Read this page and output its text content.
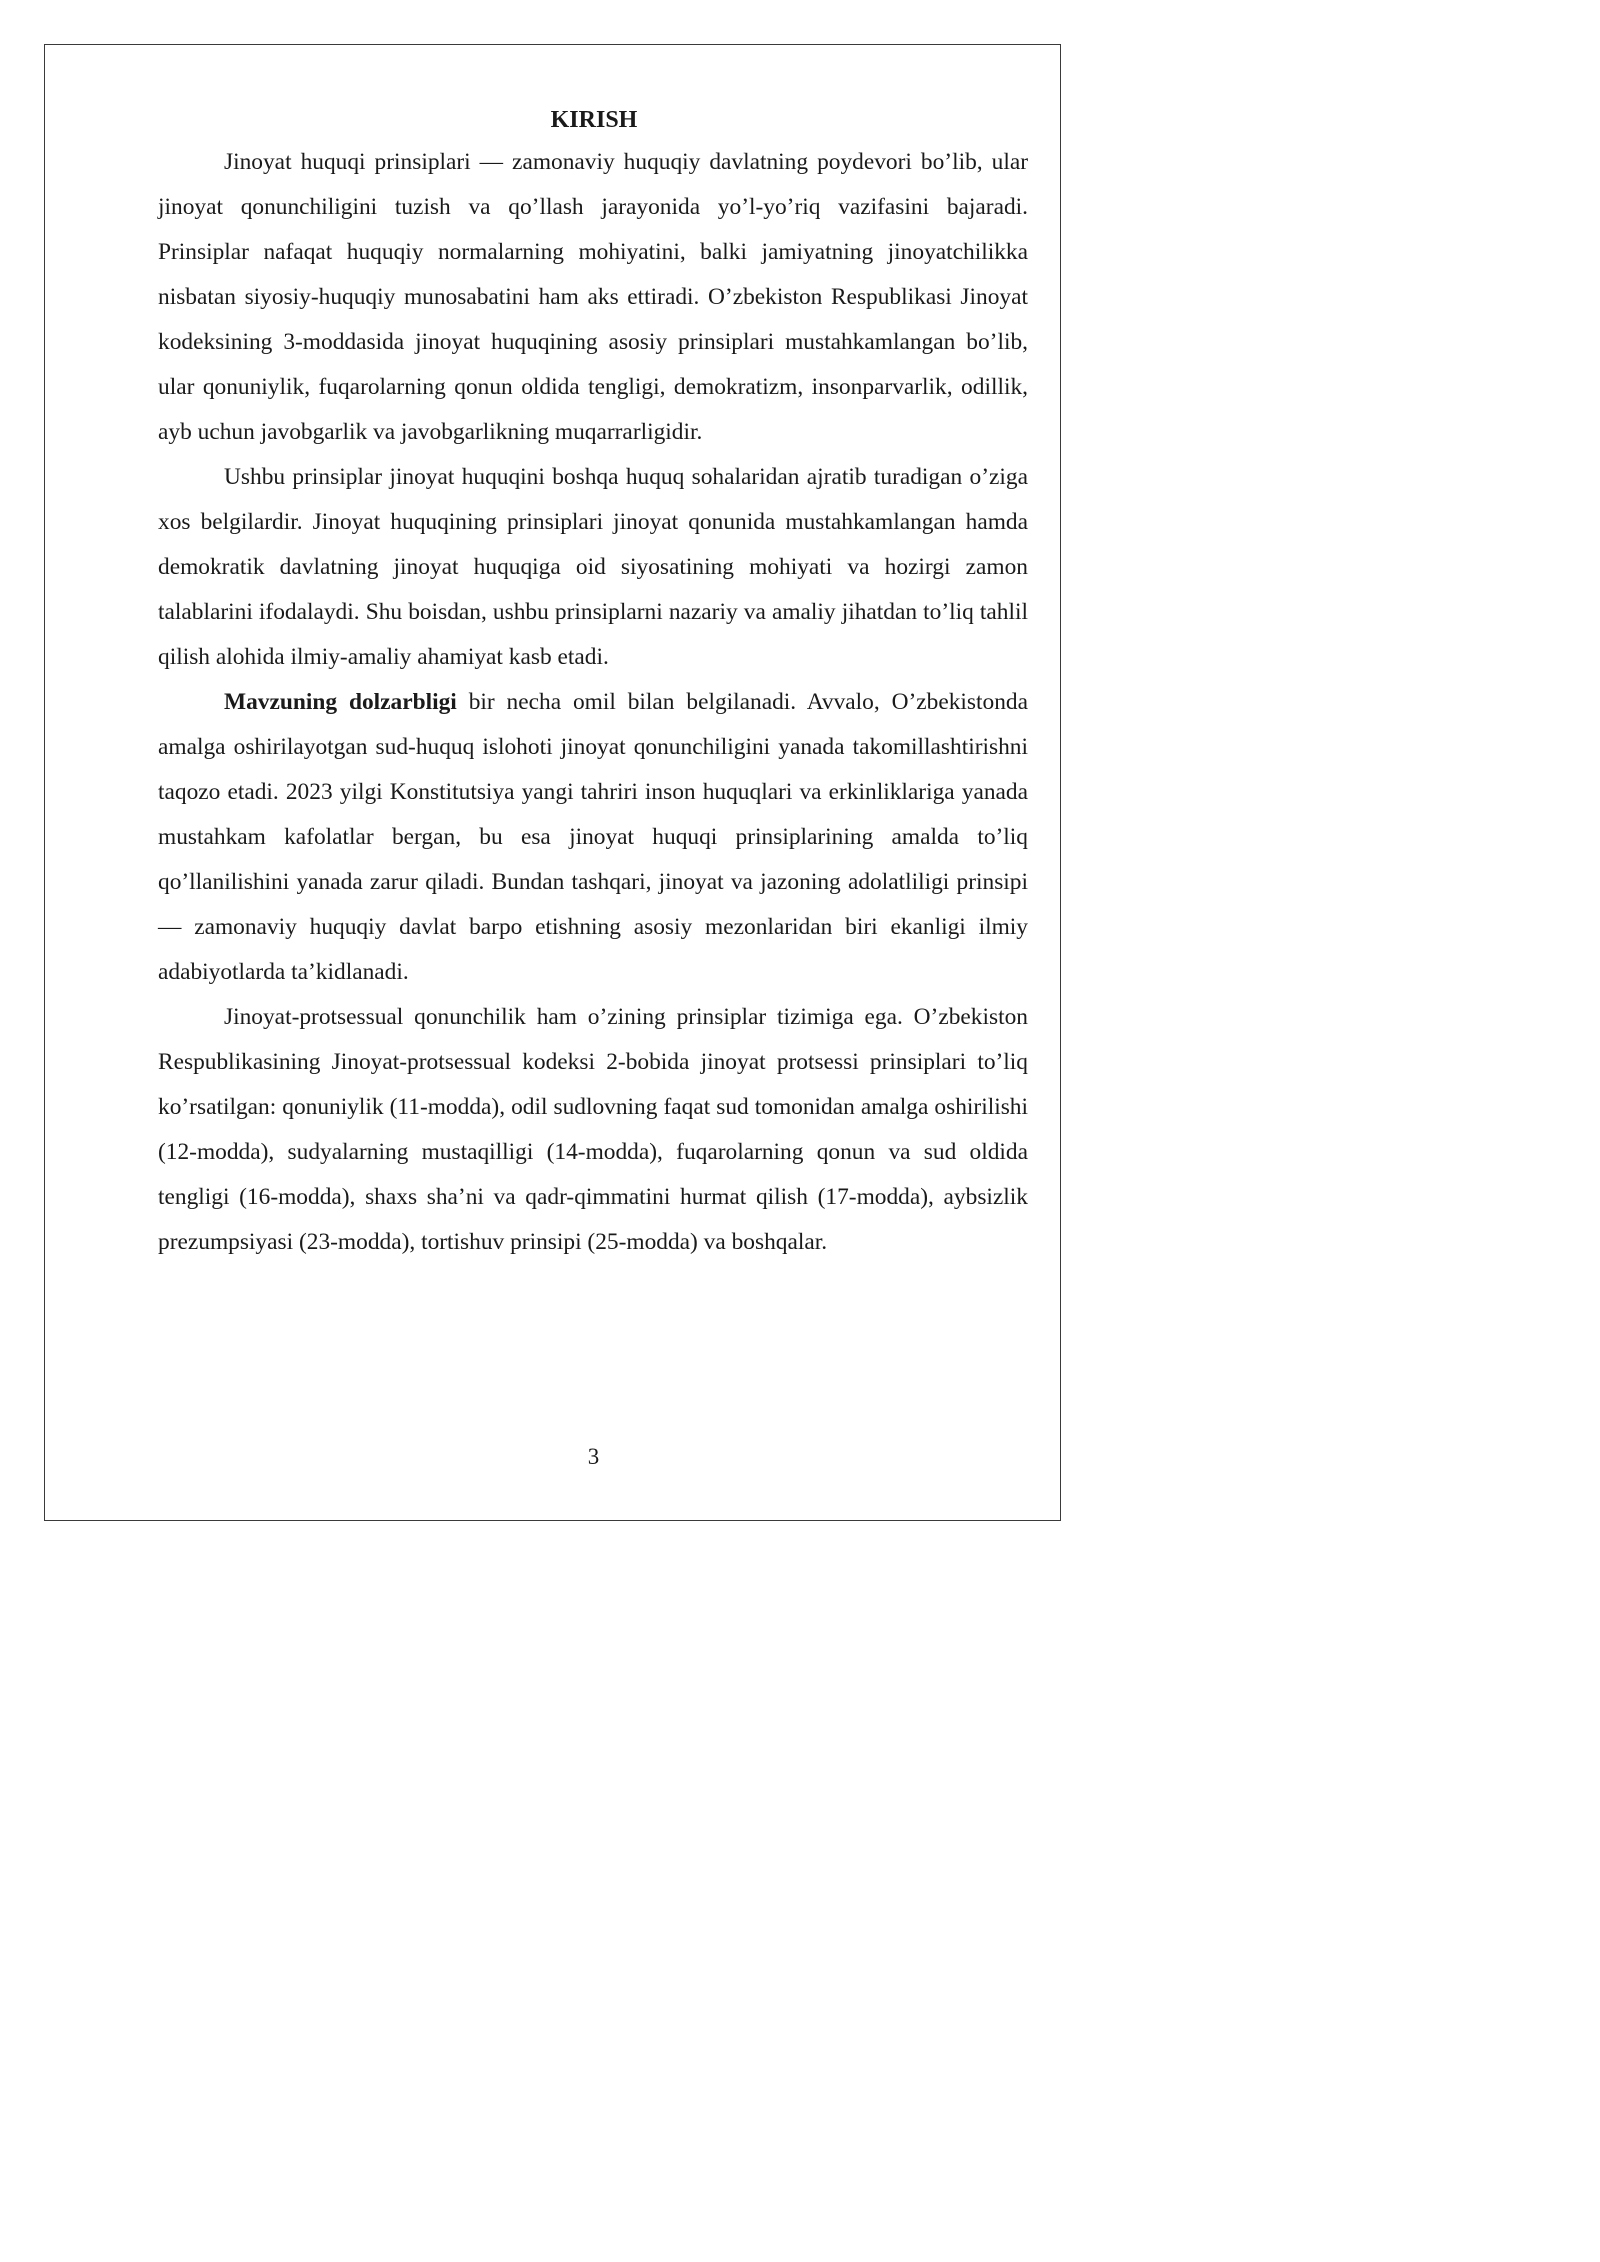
KIRISH

Jinoyat huquqi prinsiplari — zamonaviy huquqiy davlatning poydevori bo’lib, ular jinoyat qonunchiligini tuzish va qo’llash jarayonida yo’l-yo’riq vazifasini bajaradi. Prinsiplar nafaqat huquqiy normalarning mohiyatini, balki jamiyatning jinoyatchilikka nisbatan siyosiy-huquqiy munosabatini ham aks ettiradi. O’zbekiston Respublikasi Jinoyat kodeksining 3-moddasida jinoyat huquqining asosiy prinsiplari mustahkamlangan bo’lib, ular qonuniylik, fuqarolarning qonun oldida tengligi, demokratizm, insonparvarlik, odillik, ayb uchun javobgarlik va javobgarlikning muqarrarligidir.

Ushbu prinsiplar jinoyat huquqini boshqa huquq sohalaridan ajratib turadigan o’ziga xos belgilardir. Jinoyat huquqining prinsiplari jinoyat qonunida mustahkamlangan hamda demokratik davlatning jinoyat huquqiga oid siyosatining mohiyati va hozirgi zamon talablarini ifodalaydi. Shu boisdan, ushbu prinsiplarni nazariy va amaliy jihatdan to’liq tahlil qilish alohida ilmiy-amaliy ahamiyat kasb etadi.

Mavzuning dolzarbligi bir necha omil bilan belgilanadi. Avvalo, O’zbekistonda amalga oshirilayotgan sud-huquq islohoti jinoyat qonunchiligini yanada takomillashtirishni taqozo etadi. 2023 yilgi Konstitutsiya yangi tahriri inson huquqlari va erkinliklariga yanada mustahkam kafolatlar bergan, bu esa jinoyat huquqi prinsiplarining amalda to’liq qo’llanilishini yanada zarur qiladi. Bundan tashqari, jinoyat va jazoning adolatliligi prinsipi — zamonaviy huquqiy davlat barpo etishning asosiy mezonlaridan biri ekanligi ilmiy adabiyotlarda ta’kidlanadi.

Jinoyat-protsessual qonunchilik ham o’zining prinsiplar tizimiga ega. O’zbekiston Respublikasining Jinoyat-protsessual kodeksi 2-bobida jinoyat protsessi prinsiplari to’liq ko’rsatilgan: qonuniylik (11-modda), odil sudlovning faqat sud tomonidan amalga oshirilishi (12-modda), sudyalarning mustaqilligi (14-modda), fuqarolarning qonun va sud oldida tengligi (16-modda), shaxs sha’ni va qadr-qimmatini hurmat qilish (17-modda), aybsizlik prezumpsiyasi (23-modda), tortishuv prinsipi (25-modda) va boshqalar.

3
